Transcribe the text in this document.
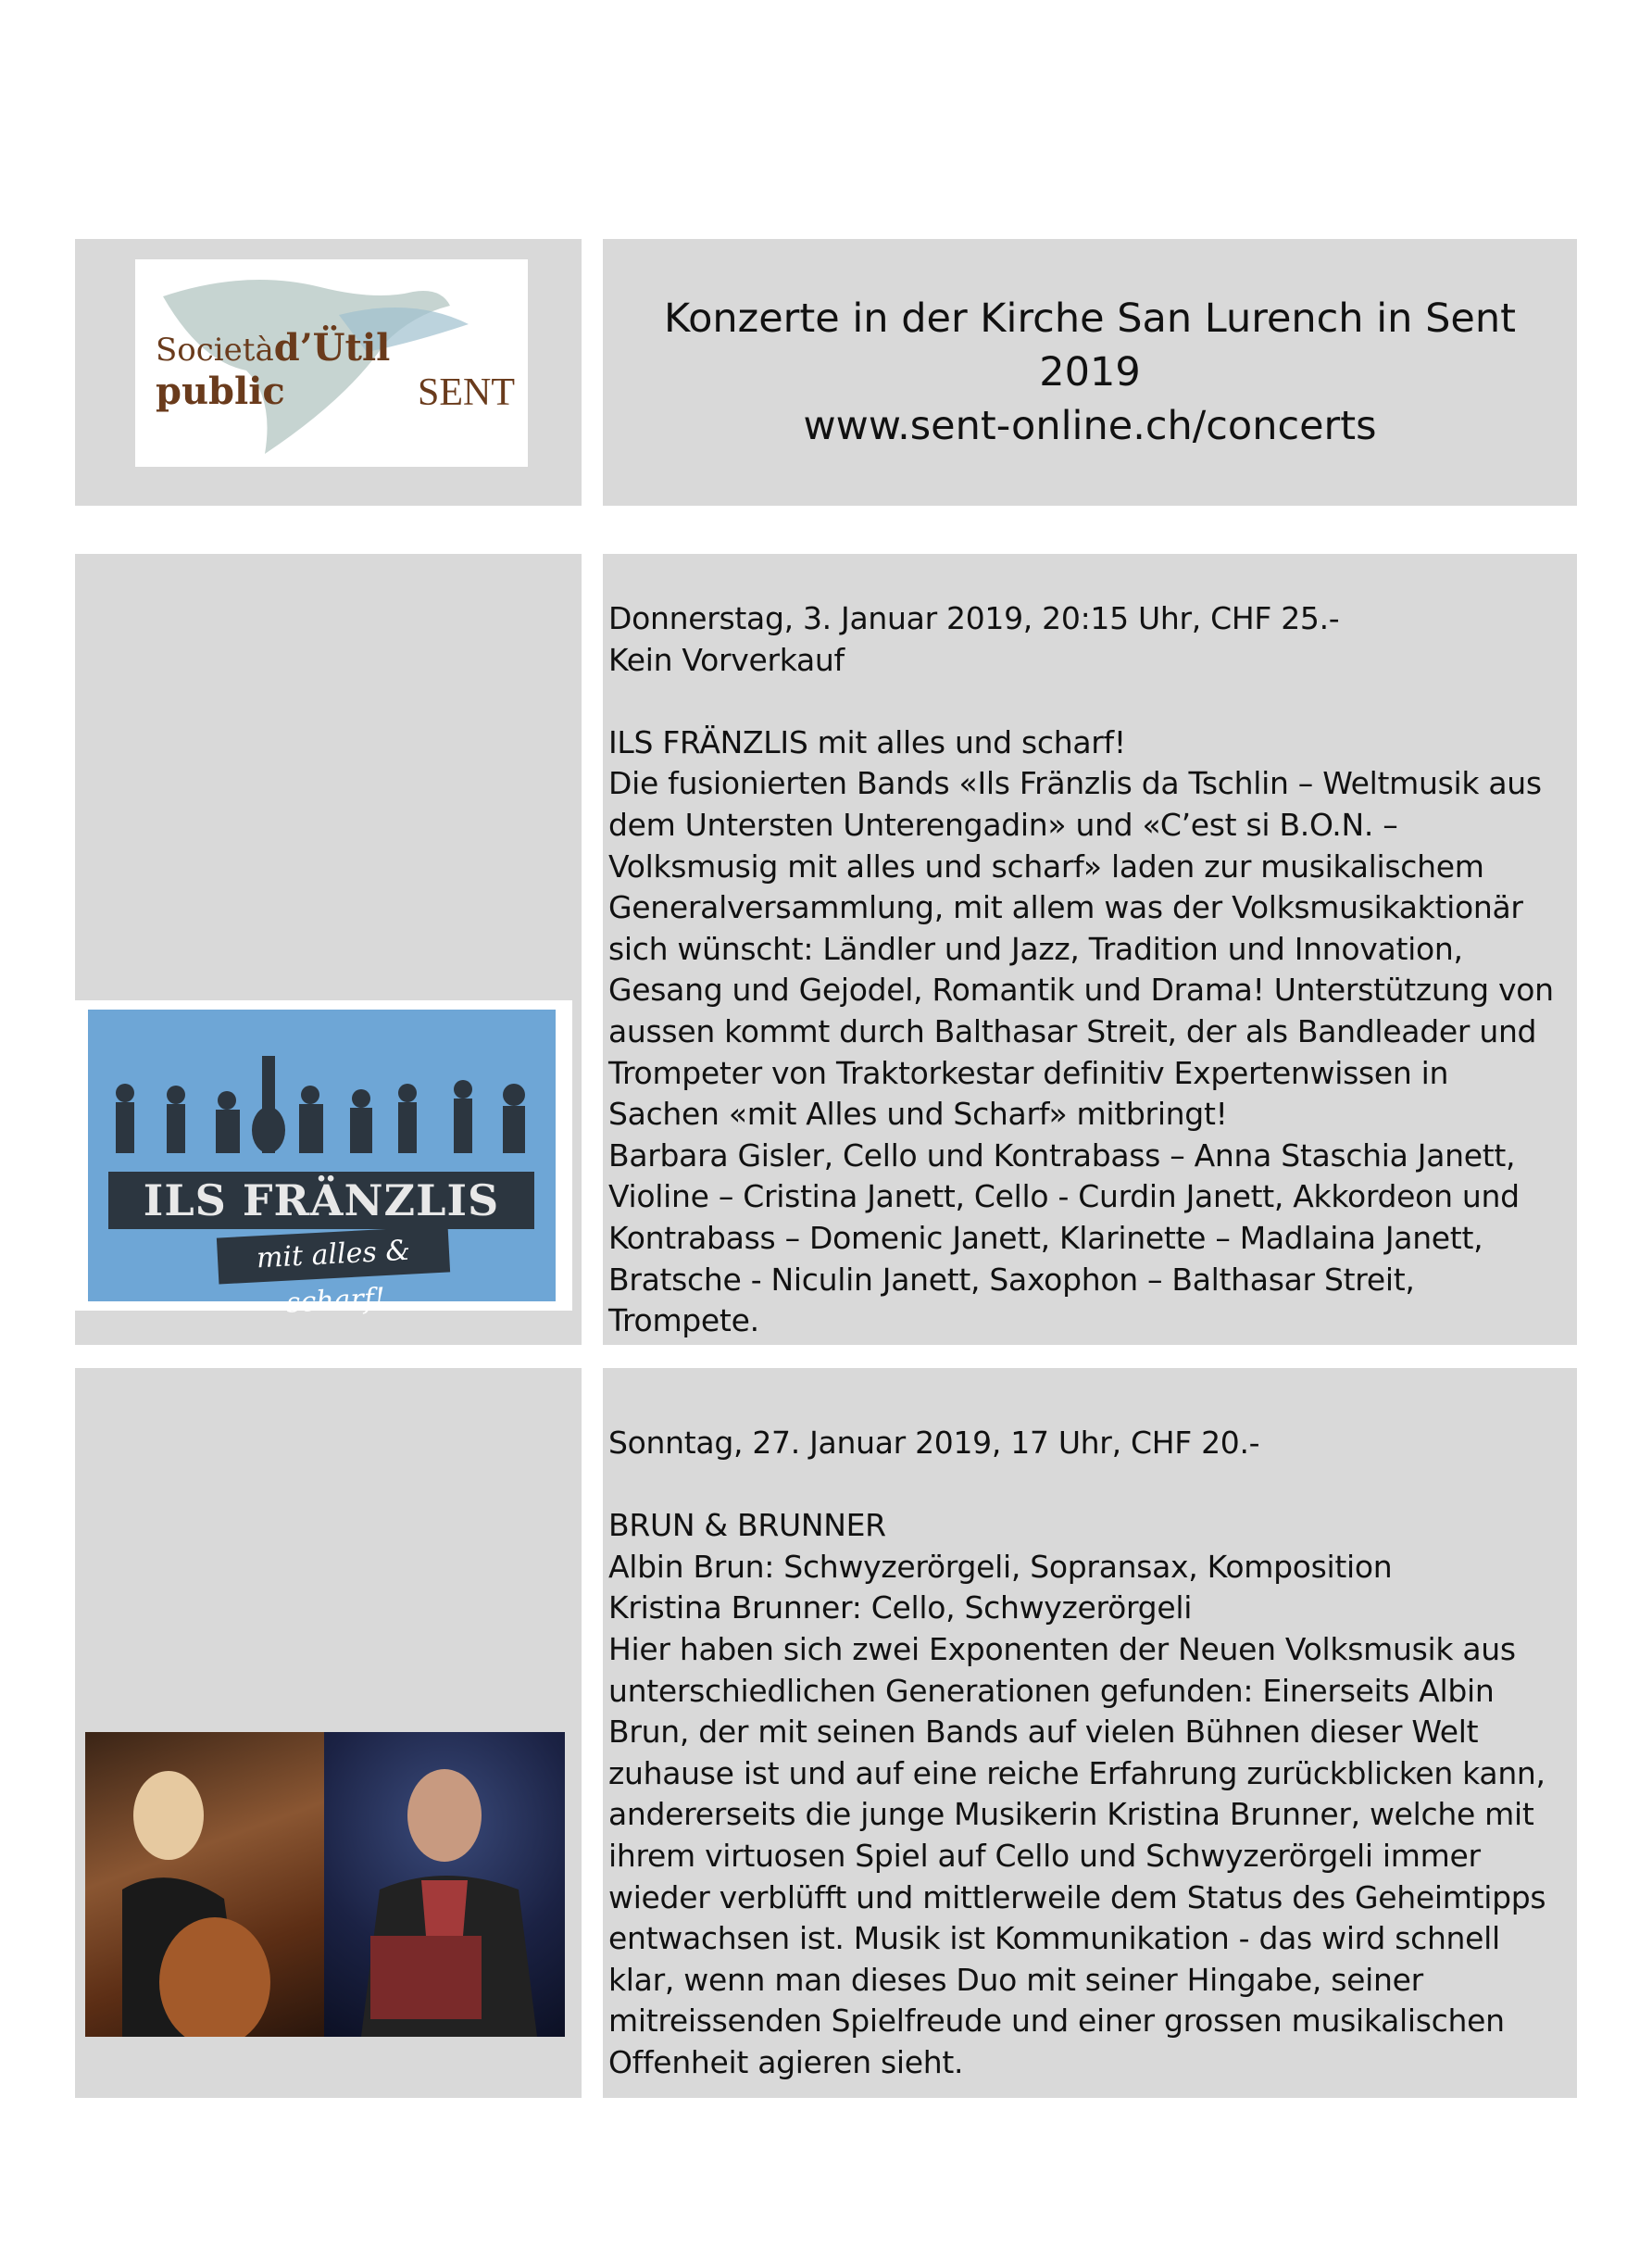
Societàd’Ütil public	SENT
Konzerte in der Kirche San Lurench in Sent
2019
www.sent-online.ch/concerts
ILS FRÄNZLIS
mit alles & scharf!
Donnerstag, 3. Januar 2019, 20:15 Uhr, CHF 25.-
Kein Vorverkauf
ILS FRÄNZLIS mit alles und scharf!
Die fusionierten Bands «Ils Fränzlis da Tschlin – Weltmusik aus
dem Untersten Unterengadin» und «C’est si B.O.N. –
Volksmusig mit alles und scharf» laden zur musikalischem
Generalversammlung, mit allem was der Volksmusikaktionär
sich wünscht: Ländler und Jazz, Tradition und Innovation,
Gesang und Gejodel, Romantik und Drama! Unterstützung von
aussen kommt durch Balthasar Streit, der als Bandleader und
Trompeter von Traktorkestar definitiv Expertenwissen in
Sachen «mit Alles und Scharf» mitbringt!
Barbara Gisler, Cello und Kontrabass – Anna Staschia Janett,
Violine – Cristina Janett, Cello - Curdin Janett, Akkordeon und
Kontrabass – Domenic Janett, Klarinette – Madlaina Janett,
Bratsche - Niculin Janett, Saxophon – Balthasar Streit,
Trompete.
Sonntag, 27. Januar 2019, 17 Uhr, CHF 20.-
BRUN & BRUNNER
Albin Brun: Schwyzerörgeli, Sopransax, Komposition
Kristina Brunner: Cello, Schwyzerörgeli
Hier haben sich zwei Exponenten der Neuen Volksmusik aus
unterschiedlichen Generationen gefunden: Einerseits Albin
Brun, der mit seinen Bands auf vielen Bühnen dieser Welt
zuhause ist und auf eine reiche Erfahrung zurückblicken kann,
andererseits die junge Musikerin Kristina Brunner, welche mit
ihrem virtuosen Spiel auf Cello und Schwyzerörgeli immer
wieder verblüfft und mittlerweile dem Status des Geheimtipps
entwachsen ist. Musik ist Kommunikation - das wird schnell
klar, wenn man dieses Duo mit seiner Hingabe, seiner
mitreissenden Spielfreude und einer grossen musikalischen
Offenheit agieren sieht.
